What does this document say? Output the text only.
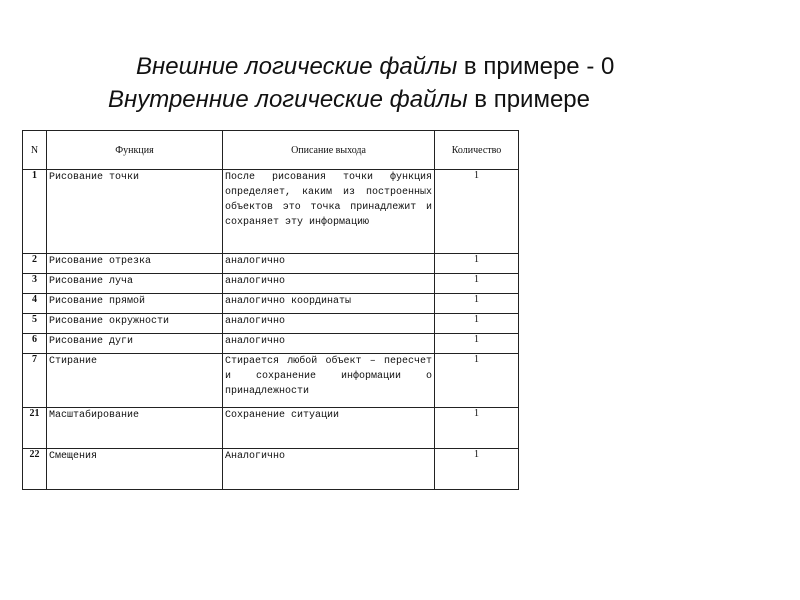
Внешние логические файлы в примере - 0
Внутренние логические файлы в примере
N	Функция	Описание выхода	Количество
1	Рисование точки	После рисования точки функция определяет, каким из построенных объектов это точка принадлежит и сохраняет эту информацию	1
2	Рисование отрезка	аналогично	1
3	Рисование луча	аналогично	1
4	Рисование прямой	аналогично координаты	1
5	Рисование окружности	аналогично	1
6	Рисование дуги	аналогично	1
7	Стирание	Стирается любой объект – пересчет и сохранение информации о принадлежности	1
21	Масштабирование	Сохранение ситуации	1
22	Смещения	Аналогично	1
